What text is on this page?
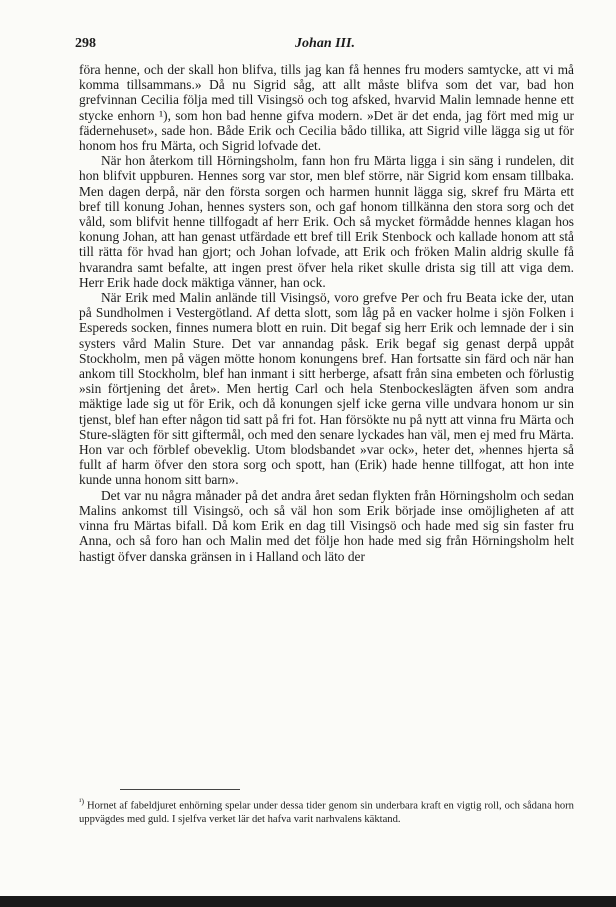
298	Johan III.

föra henne, och der skall hon blifva, tills jag kan få hennes fru moders samtycke, att vi må komma tillsammans.» Då nu Sigrid såg, att allt måste blifva som det var, bad hon grefvinnan Cecilia följa med till Visingsö och tog afsked, hvarvid Malin lemnade henne ett stycke enhorn ¹), som hon bad henne gifva modern. »Det är det enda, jag fört med mig ur fädernehuset», sade hon. Både Erik och Cecilia bådo tillika, att Sigrid ville lägga sig ut för honom hos fru Märta, och Sigrid lofvade det.

När hon återkom till Hörningsholm, fann hon fru Märta ligga i sin säng i rundelen, dit hon blifvit uppburen. Hennes sorg var stor, men blef större, när Sigrid kom ensam tillbaka. Men dagen derpå, när den första sorgen och harmen hunnit lägga sig, skref fru Märta ett bref till konung Johan, hennes systers son, och gaf honom tillkänna den stora sorg och det våld, som blifvit henne tillfogadt af herr Erik. Och så mycket förmådde hennes klagan hos konung Johan, att han genast utfärdade ett bref till Erik Stenbock och kallade honom att stå till rätta för hvad han gjort; och Johan lofvade, att Erik och fröken Malin aldrig skulle få hvarandra samt befalte, att ingen prest öfver hela riket skulle drista sig till att viga dem. Herr Erik hade dock mäktiga vänner, han ock.

När Erik med Malin anlände till Visingsö, voro grefve Per och fru Beata icke der, utan på Sundholmen i Vestergötland. Af detta slott, som låg på en vacker holme i sjön Folken i Espereds socken, finnes numera blott en ruin. Dit begaf sig herr Erik och lemnade der i sin systers vård Malin Sture. Det var annandag påsk. Erik begaf sig genast derpå uppåt Stockholm, men på vägen mötte honom konungens bref. Han fortsatte sin färd och när han ankom till Stockholm, blef han inmant i sitt herberge, afsatt från sina embeten och förlustig »sin förtjening det året». Men hertig Carl och hela Stenbockeslägten äfven som andra mäktige lade sig ut för Erik, och då konungen sjelf icke gerna ville undvara honom ur sin tjenst, blef han efter någon tid satt på fri fot. Han försökte nu på nytt att vinna fru Märta och Sture-slägten för sitt giftermål, och med den senare lyckades han väl, men ej med fru Märta. Hon var och förblef obeveklig. Utom blodsbandet »var ock», heter det, »hennes hjerta så fullt af harm öfver den stora sorg och spott, han (Erik) hade henne tillfogat, att hon inte kunde unna honom sitt barn».

Det var nu några månader på det andra året sedan flykten från Hörningsholm och sedan Malins ankomst till Visingsö, och så väl hon som Erik började inse omöjligheten af att vinna fru Märtas bifall. Då kom Erik en dag till Visingsö och hade med sig sin faster fru Anna, och så foro han och Malin med det följe hon hade med sig från Hörningsholm helt hastigt öfver danska gränsen in i Halland och läto der

$^{^1)}$ Hornet af fabeldjuret enhörning spelar under dessa tider genom sin underbara kraft en vigtig roll, och sådana horn uppvägdes med guld. I sjelfva verket lär det hafva varit narhvalens käktand.
